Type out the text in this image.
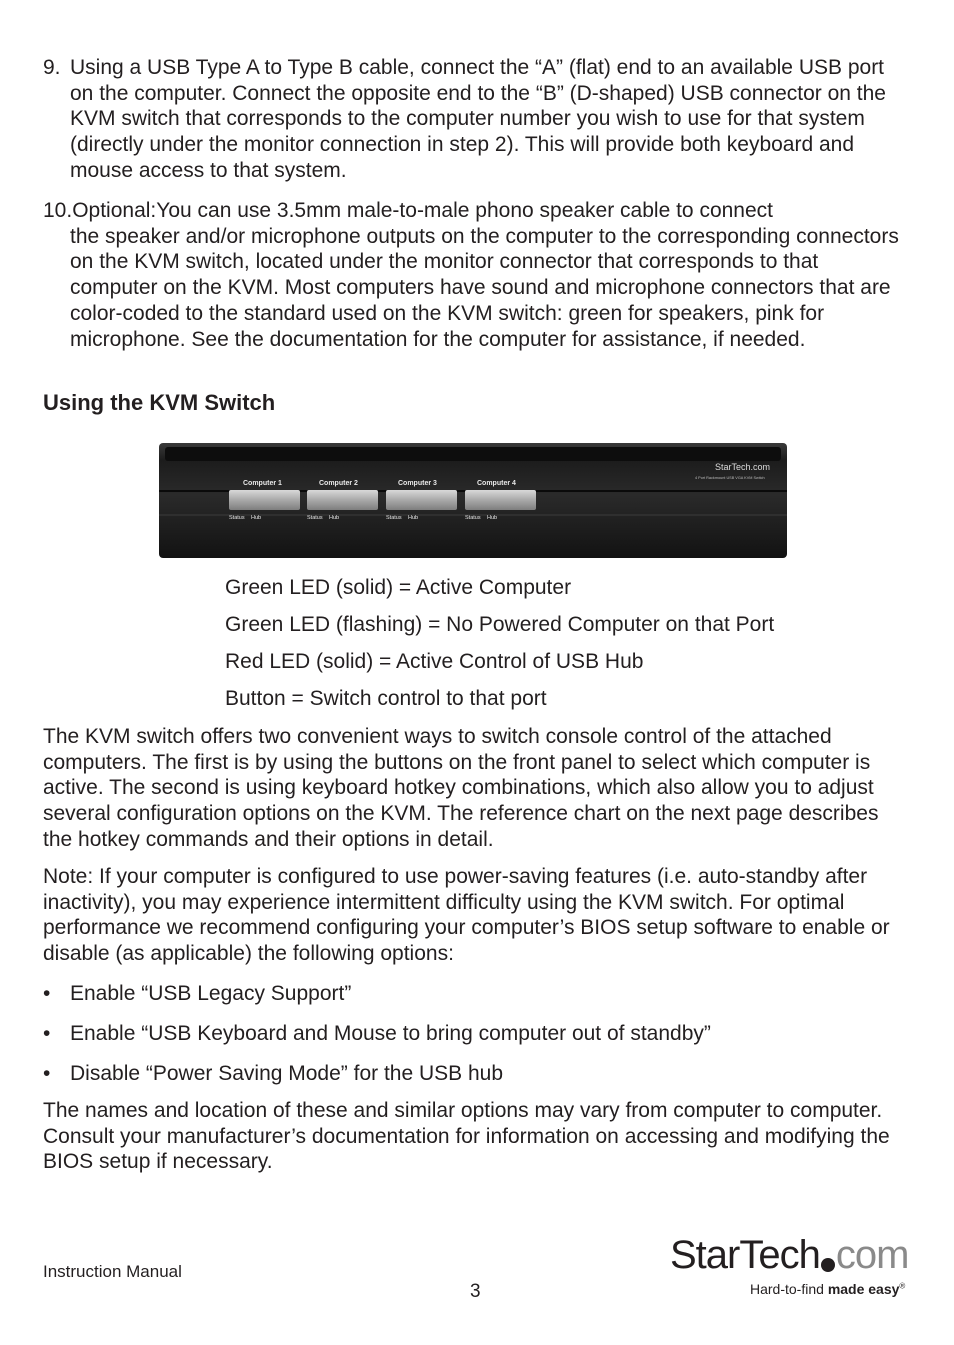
9. Using a USB Type A to Type B cable, connect the “A” (flat) end to an available USB port on the computer. Connect the opposite end to the “B” (D-shaped) USB connector on the KVM switch that corresponds to the computer number you wish to use for that system (directly under the monitor connection in step 2). This will provide both keyboard and mouse access to that system.
10.Optional:You can use 3.5mm male-to-male phono speaker cable to connect
the speaker and/or microphone outputs on the computer to the corresponding connectors on the KVM switch, located under the monitor connector that corresponds to that computer on the KVM. Most computers have sound and microphone connectors that are color-coded to the standard used on the KVM switch: green for speakers, pink for microphone. See the documentation for the computer for assistance, if needed.
Using the KVM Switch
Computer 1
Status Hub
Computer 2
Status Hub
Computer 3
Status Hub
Computer 4
Status Hub
StarTech.com
4 Port Rackmount USB VGA KVM Switch
Green LED (solid) = Active Computer
Green LED (flashing) = No Powered Computer on that Port
Red LED (solid) = Active Control of USB Hub
Button = Switch control to that port
The KVM switch offers two convenient ways to switch console control of the attached computers. The first is by using the buttons on the front panel to select which computer is active. The second is using keyboard hotkey combinations, which also allow you to adjust several configuration options on the KVM. The reference chart on the next page describes the hotkey commands and their options in detail.
Note: If your computer is configured to use power-saving features (i.e. auto-standby after inactivity), you may experience intermittent difficulty using the KVM switch. For optimal performance we recommend configuring your computer’s BIOS setup software to enable or disable (as applicable) the following options:
• Enable “USB Legacy Support”
• Enable “USB Keyboard and Mouse to bring computer out of standby”
• Disable “Power Saving Mode” for the USB hub
The names and location of these and similar options may vary from computer to computer. Consult your manufacturer’s documentation for information on accessing and modifying the BIOS setup if necessary.
Instruction Manual
3
StarTech com
Hard-to-find made easy®
